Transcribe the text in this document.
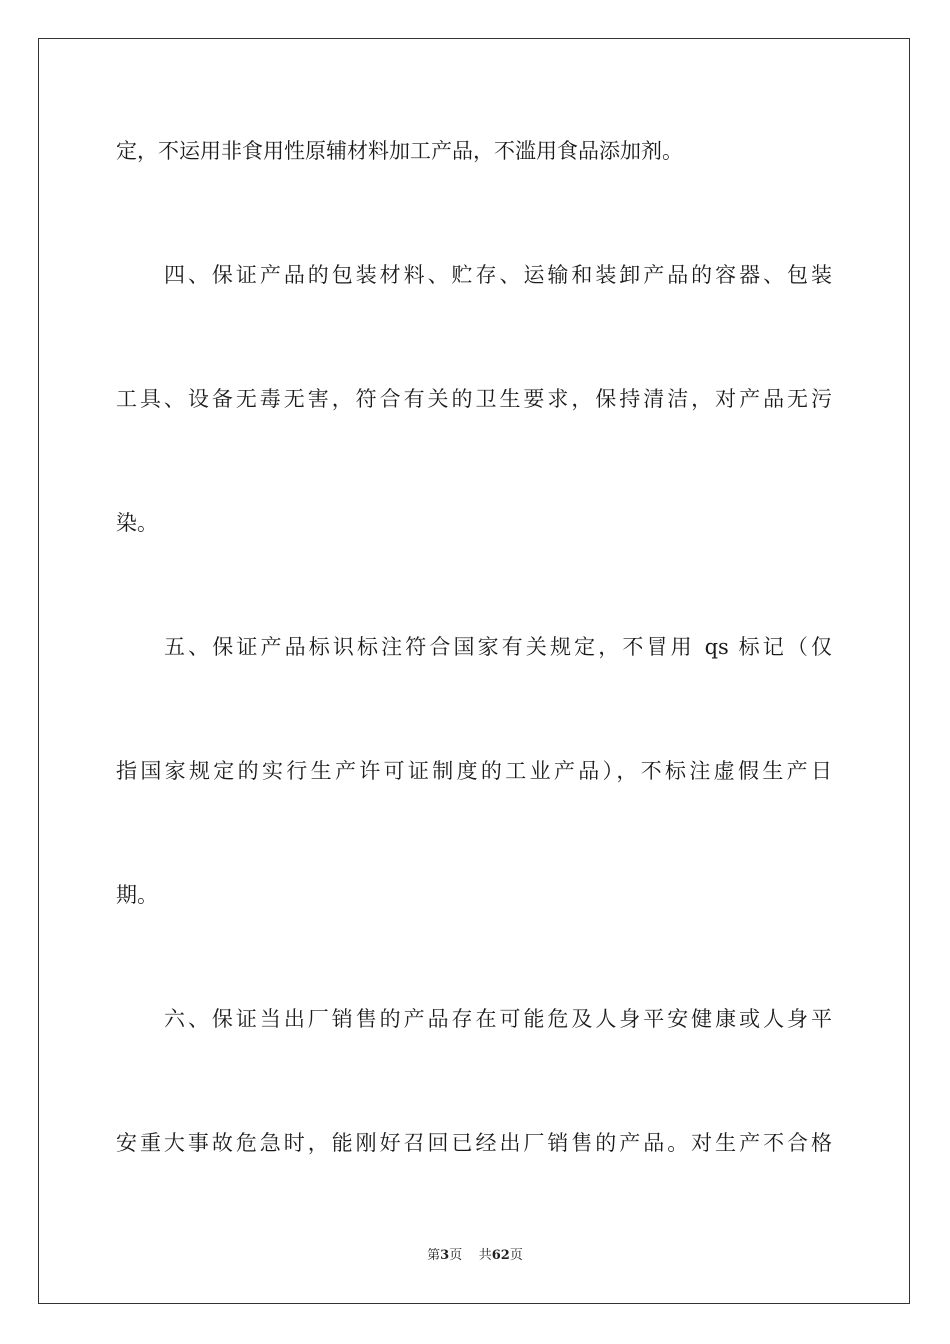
定，不运用非食用性原辅材料加工产品，不滥用食品添加剂。
四、保证产品的包装材料、贮存、运输和装卸产品的容器、包装
工具、设备无毒无害，符合有关的卫生要求，保持清洁，对产品无污
染。
五、保证产品标识标注符合国家有关规定，不冒用 qs 标记（仅
指国家规定的实行生产许可证制度的工业产品），不标注虚假生产日
期。
六、保证当出厂销售的产品存在可能危及人身平安健康或人身平
安重大事故危急时，能刚好召回已经出厂销售的产品。对生产不合格
第3页 共62页
